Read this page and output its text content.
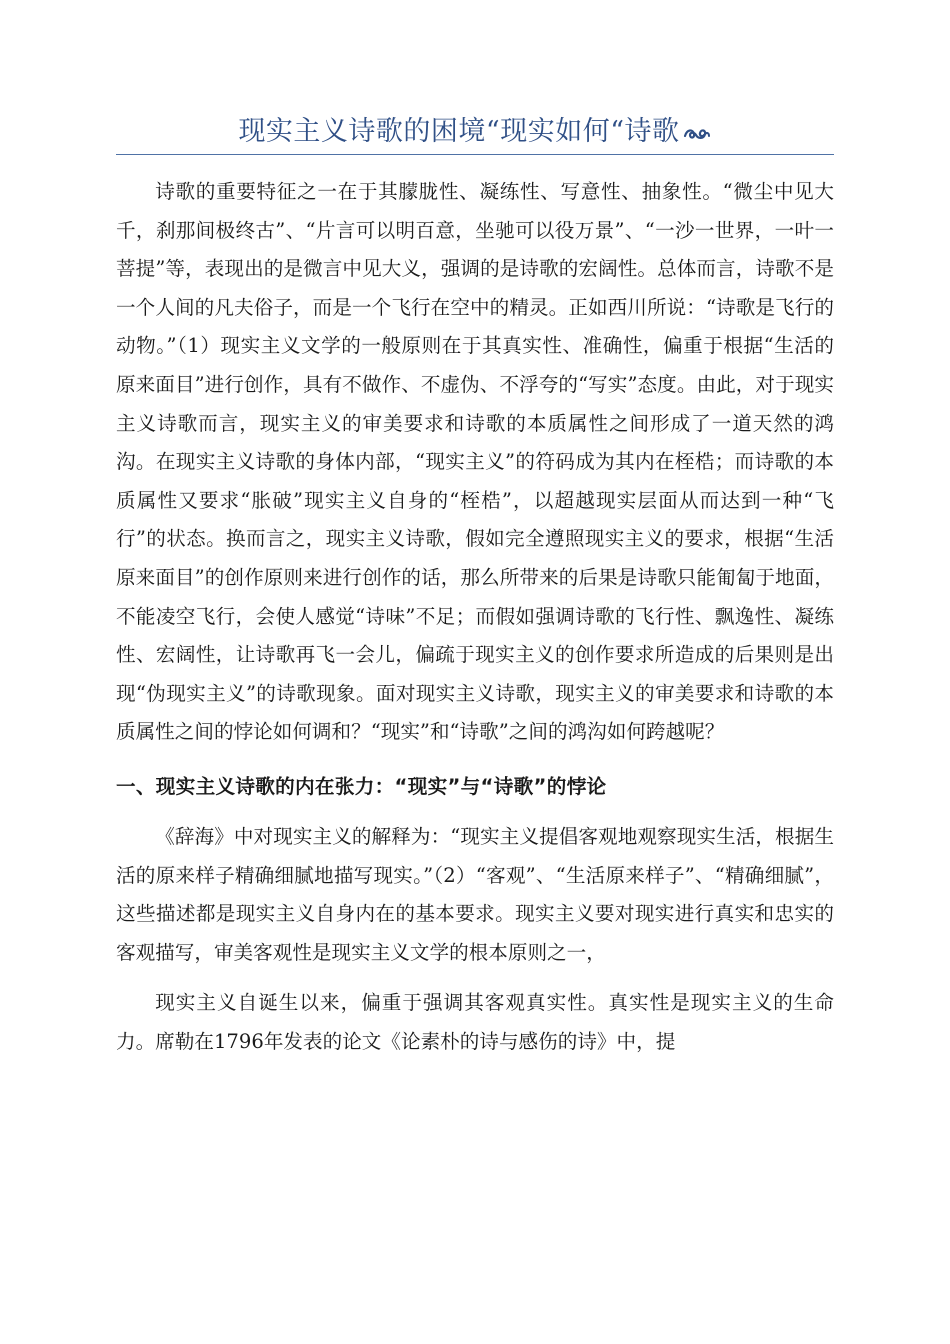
现实主义诗歌的困境“现实如何“诗歌

诗歌的重要特征之一在于其朦胧性、凝练性、写意性、抽象性。“微尘中见大千，刹那间极终古”、“片言可以明百意，坐驰可以役万景”、“一沙一世界，一叶一菩提”等，表现出的是微言中见大义，强调的是诗歌的宏阔性。总体而言，诗歌不是一个人间的凡夫俗子，而是一个飞行在空中的精灵。正如西川所说：“诗歌是飞行的动物。”（1）现实主义文学的一般原则在于其真实性、准确性，偏重于根据“生活的原来面目”进行创作，具有不做作、不虚伪、不浮夸的“写实”态度。由此，对于现实主义诗歌而言，现实主义的审美要求和诗歌的本质属性之间形成了一道天然的鸿沟。在现实主义诗歌的身体内部，“现实主义”的符码成为其内在桎梏；而诗歌的本质属性又要求“胀破”现实主义自身的“桎梏”，以超越现实层面从而达到一种“飞行”的状态。换而言之，现实主义诗歌，假如完全遵照现实主义的要求，根据“生活原来面目”的创作原则来进行创作的话，那么所带来的后果是诗歌只能匍匐于地面，不能凌空飞行，会使人感觉“诗味”不足；而假如强调诗歌的飞行性、飘逸性、凝练性、宏阔性，让诗歌再飞一会儿，偏疏于现实主义的创作要求所造成的后果则是出现“伪现实主义”的诗歌现象。面对现实主义诗歌，现实主义的审美要求和诗歌的本质属性之间的悖论如何调和？“现实”和“诗歌”之间的鸿沟如何跨越呢？

一、现实主义诗歌的内在张力：“现实”与“诗歌”的悖论

《辞海》中对现实主义的解释为：“现实主义提倡客观地观察现实生活，根据生活的原来样子精确细腻地描写现实。”（2）“客观”、“生活原来样子”、“精确细腻”，这些描述都是现实主义自身内在的基本要求。现实主义要对现实进行真实和忠实的客观描写，审美客观性是现实主义文学的根本原则之一，

现实主义自诞生以来，偏重于强调其客观真实性。真实性是现实主义的生命力。席勒在1796年发表的论文《论素朴的诗与感伤的诗》中，提
